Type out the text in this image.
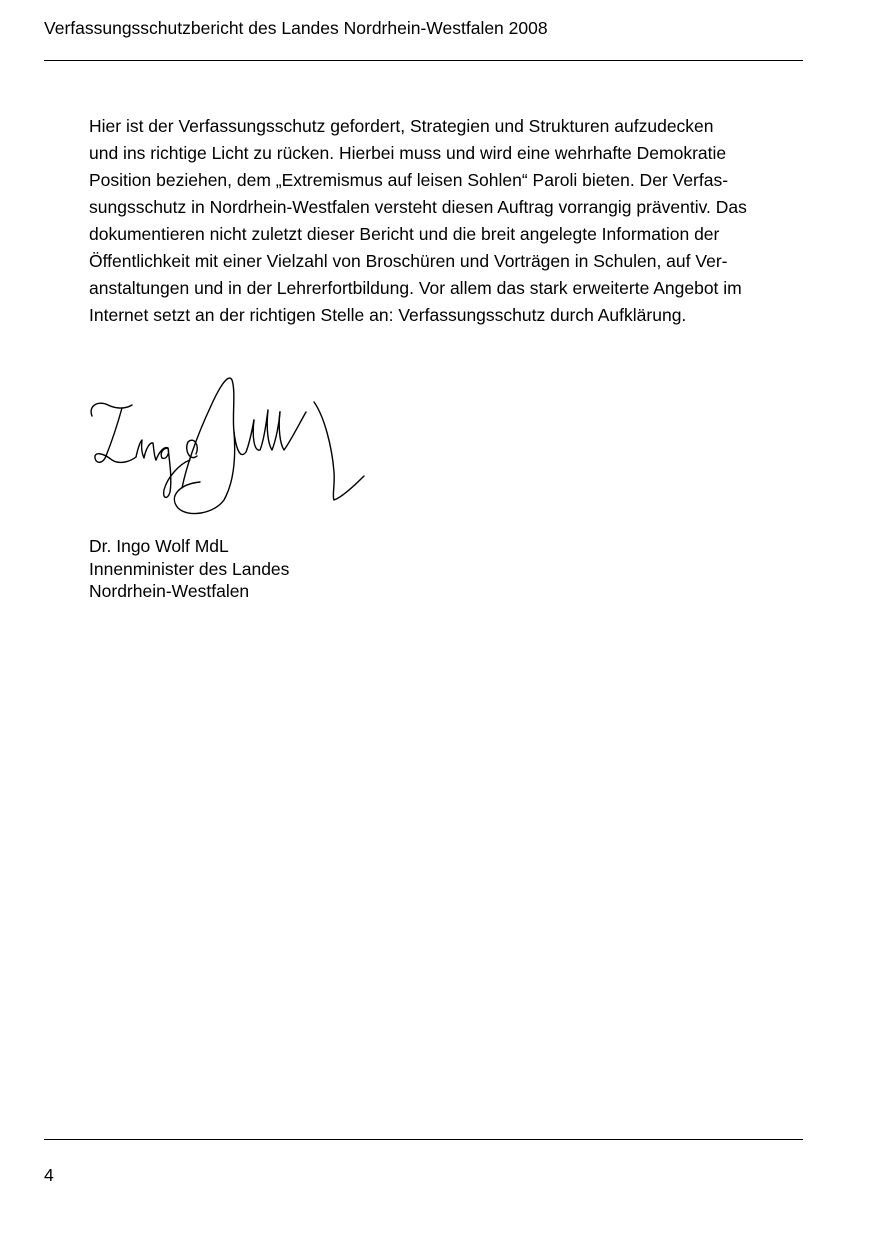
Verfassungsschutzbericht des Landes Nordrhein-Westfalen 2008

Hier ist der Verfassungsschutz gefordert, Strategien und Strukturen aufzudecken
und ins richtige Licht zu rücken. Hierbei muss und wird eine wehrhafte Demokratie
Position beziehen, dem „Extremismus auf leisen Sohlen“ Paroli bieten. Der Verfas-
sungsschutz in Nordrhein-Westfalen versteht diesen Auftrag vorrangig präventiv. Das
dokumentieren nicht zuletzt dieser Bericht und die breit angelegte Information der
Öffentlichkeit mit einer Vielzahl von Broschüren und Vorträgen in Schulen, auf Ver-
anstaltungen und in der Lehrerfortbildung. Vor allem das stark erweiterte Angebot im
Internet setzt an der richtigen Stelle an: Verfassungsschutz durch Aufklärung.

Dr. Ingo Wolf MdL
Innenminister des Landes
Nordrhein-Westfalen
4
